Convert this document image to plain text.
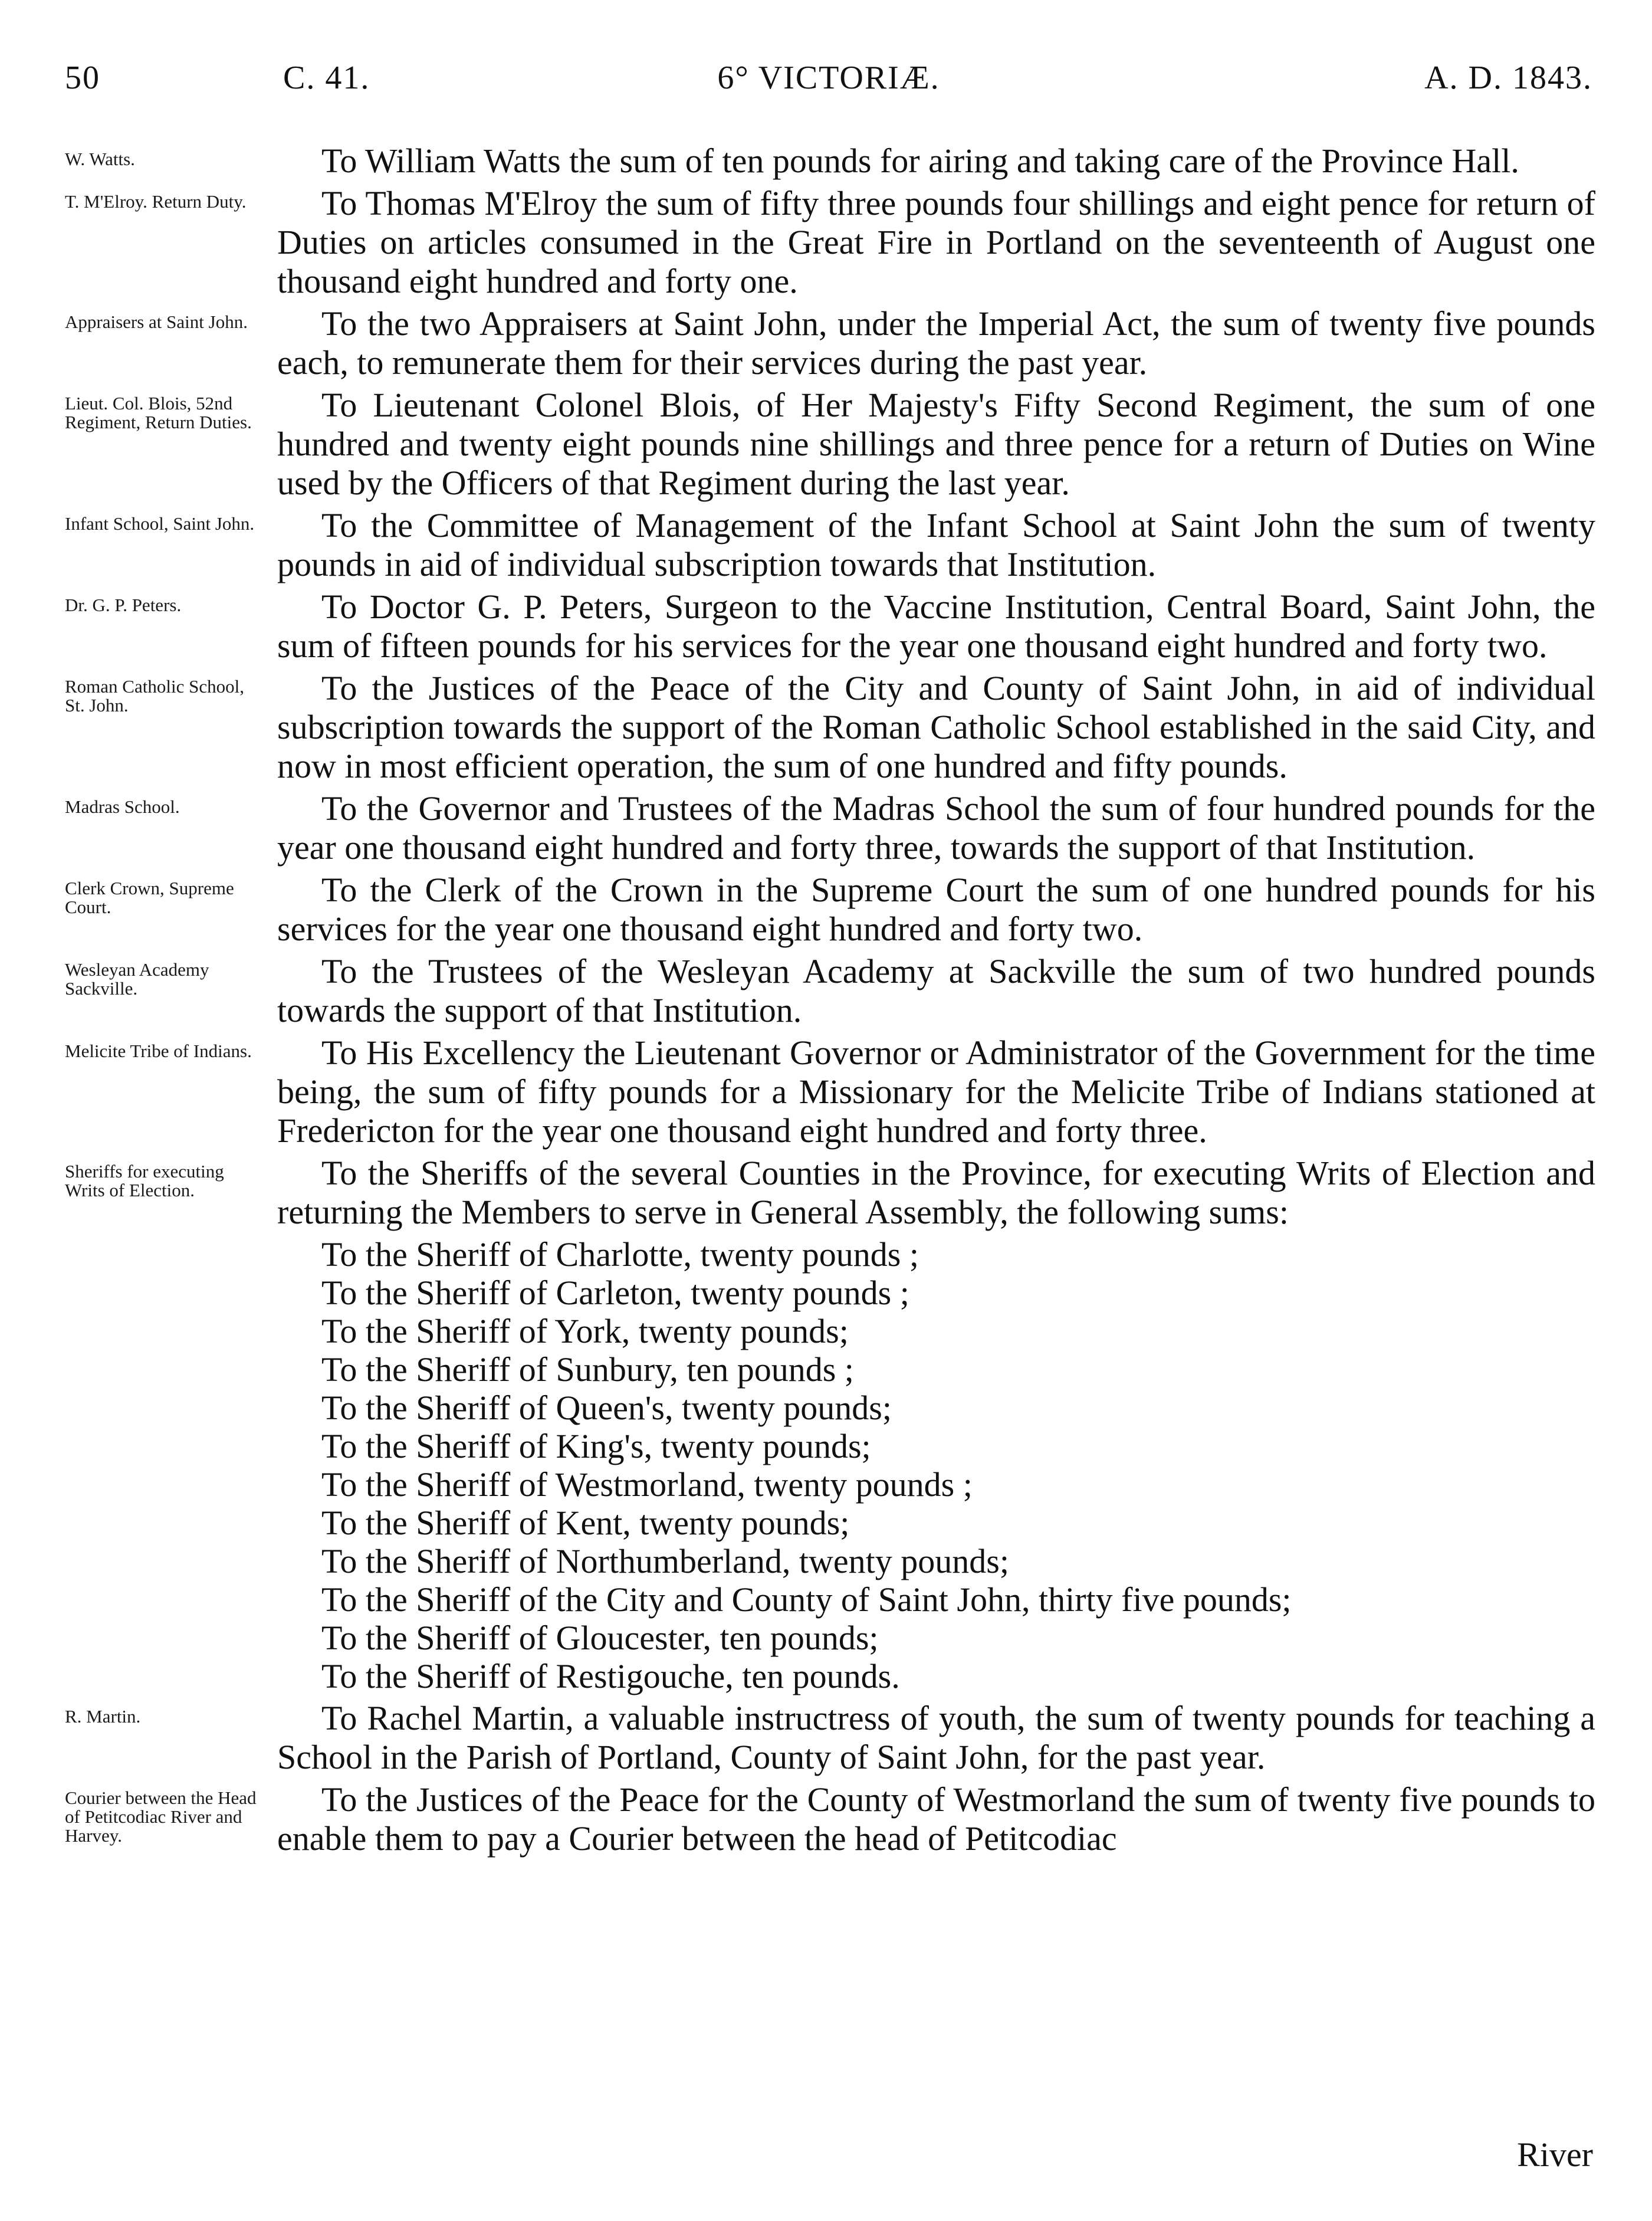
50	C. 41.	6° VICTORIÆ.	A. D. 1843.
W. Watts.	To William Watts the sum of ten pounds for airing and taking care of the Province Hall.
T. M'Elroy. Return Duty.	To Thomas M'Elroy the sum of fifty three pounds four shillings and eight pence for return of Duties on articles consumed in the Great Fire in Portland on the seventeenth of August one thousand eight hundred and forty one.
Appraisers at Saint John.	To the two Appraisers at Saint John, under the Imperial Act, the sum of twenty five pounds each, to remunerate them for their services during the past year.
Lieut. Col. Blois, 52nd Regiment, Return Duties.	To Lieutenant Colonel Blois, of Her Majesty's Fifty Second Regiment, the sum of one hundred and twenty eight pounds nine shillings and three pence for a return of Duties on Wine used by the Officers of that Regiment during the last year.
Infant School, Saint John.	To the Committee of Management of the Infant School at Saint John the sum of twenty pounds in aid of individual subscription towards that Institution.
Dr. G. P. Peters.	To Doctor G. P. Peters, Surgeon to the Vaccine Institution, Central Board, Saint John, the sum of fifteen pounds for his services for the year one thousand eight hundred and forty two.
Roman Catholic School, St. John.	To the Justices of the Peace of the City and County of Saint John, in aid of individual subscription towards the support of the Roman Catholic School established in the said City, and now in most efficient operation, the sum of one hundred and fifty pounds.
Madras School.	To the Governor and Trustees of the Madras School the sum of four hundred pounds for the year one thousand eight hundred and forty three, towards the support of that Institution.
Clerk Crown, Supreme Court.	To the Clerk of the Crown in the Supreme Court the sum of one hundred pounds for his services for the year one thousand eight hundred and forty two.
Wesleyan Academy Sackville.	To the Trustees of the Wesleyan Academy at Sackville the sum of two hundred pounds towards the support of that Institution.
Melicite Tribe of Indians.	To His Excellency the Lieutenant Governor or Administrator of the Government for the time being, the sum of fifty pounds for a Missionary for the Melicite Tribe of Indians stationed at Fredericton for the year one thousand eight hundred and forty three.
Sheriffs for executing Writs of Election.	To the Sheriffs of the several Counties in the Province, for executing Writs of Election and returning the Members to serve in General Assembly, the following sums:
To the Sheriff of Charlotte, twenty pounds ;
To the Sheriff of Carleton, twenty pounds ;
To the Sheriff of York, twenty pounds;
To the Sheriff of Sunbury, ten pounds ;
To the Sheriff of Queen's, twenty pounds;
To the Sheriff of King's, twenty pounds;
To the Sheriff of Westmorland, twenty pounds ;
To the Sheriff of Kent, twenty pounds;
To the Sheriff of Northumberland, twenty pounds;
To the Sheriff of the City and County of Saint John, thirty five pounds;
To the Sheriff of Gloucester, ten pounds;
To the Sheriff of Restigouche, ten pounds.
R. Martin.	To Rachel Martin, a valuable instructress of youth, the sum of twenty pounds for teaching a School in the Parish of Portland, County of Saint John, for the past year.
Courier between the Head of Petitcodiac River and Harvey.
To the Justices of the Peace for the County of Westmorland the sum of twenty five pounds to enable them to pay a Courier between the head of Petitcodiac
River
